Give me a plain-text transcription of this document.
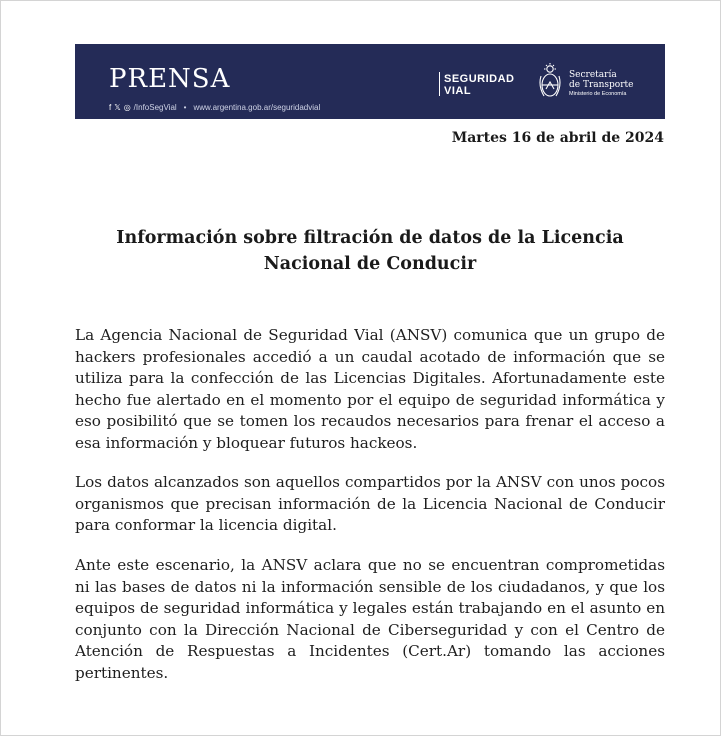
PRENSA
f 𝕏 ◎ /InfoSegVial • www.argentina.gob.ar/seguridadvial
SEGURIDAD
VIAL
Secretaría
de Transporte
Ministerio de Economía
Martes 16 de abril de 2024
Información sobre filtración de datos de la Licencia Nacional de Conducir

La Agencia Nacional de Seguridad Vial (ANSV) comunica que un grupo de hackers profesionales accedió a un caudal acotado de información que se utiliza para la confección de las Licencias Digitales. Afortunadamente este hecho fue alertado en el momento por el equipo de seguridad informática y eso posibilitó que se tomen los recaudos necesarios para frenar el acceso a esa información y bloquear futuros hackeos.

Los datos alcanzados son aquellos compartidos por la ANSV con unos pocos organismos que precisan información de la Licencia Nacional de Conducir para conformar la licencia digital.

Ante este escenario, la ANSV aclara que no se encuentran comprometidas ni las bases de datos ni la información sensible de los ciudadanos, y que los equipos de seguridad informática y legales están trabajando en el asunto en conjunto con la Dirección Nacional de Ciberseguridad y con el Centro de Atención de Respuestas a Incidentes (Cert.Ar) tomando las acciones pertinentes.
